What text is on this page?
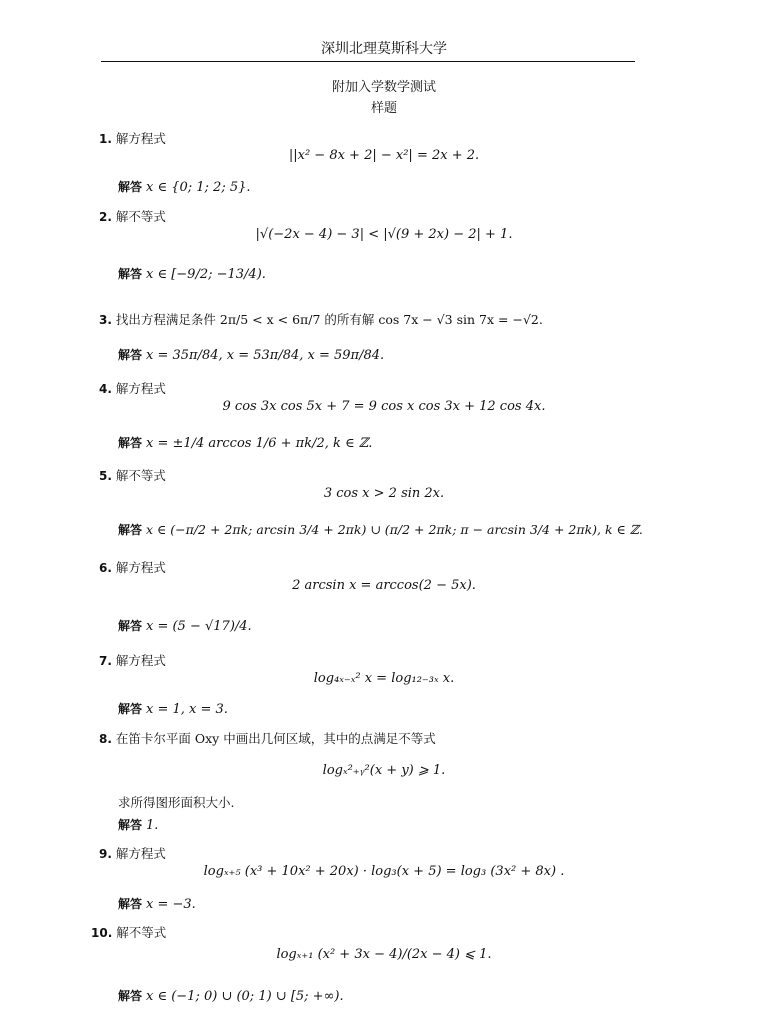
深圳北理莫斯科大学
附加入学数学测试
样题
1. 解方程式
||x² − 8x + 2| − x²| = 2x + 2.
解答 x ∈ {0; 1; 2; 5}.
2. 解不等式
|√(−2x − 4) − 3| < |√(9 + 2x) − 2| + 1.
解答 x ∈ [−9/2; −13/4).
3. 找出方程满足条件 2π/5 < x < 6π/7 的所有解 cos 7x − √3 sin 7x = −√2.
解答 x = 35π/84, x = 53π/84, x = 59π/84.
4. 解方程式
9 cos 3x cos 5x + 7 = 9 cos x cos 3x + 12 cos 4x.
解答 x = ±1/4 arccos 1/6 + πk/2, k ∈ ℤ.
5. 解不等式
3 cos x > 2 sin 2x.
解答 x ∈ (−π/2 + 2πk; arcsin 3/4 + 2πk) ∪ (π/2 + 2πk; π − arcsin 3/4 + 2πk), k ∈ ℤ.
6. 解方程式
2 arcsin x = arccos(2 − 5x).
解答 x = (5 − √17)/4.
7. 解方程式
log₄ₓ₋ₓ² x = log₁₂₋₃ₓ x.
解答 x = 1, x = 3.
8. 在笛卡尔平面 Oxy 中画出几何区域，其中的点满足不等式
logₓ²₊ᵧ²(x + y) ⩾ 1.
求所得图形面积大小.
解答 1.
9. 解方程式
logₓ₊₅ (x³ + 10x² + 20x) · log₃(x + 5) = log₃ (3x² + 8x) .
解答 x = −3.
10. 解不等式
logₓ₊₁ (x² + 3x − 4)/(2x − 4) ⩽ 1.
解答 x ∈ (−1; 0) ∪ (0; 1) ∪ [5; +∞).
